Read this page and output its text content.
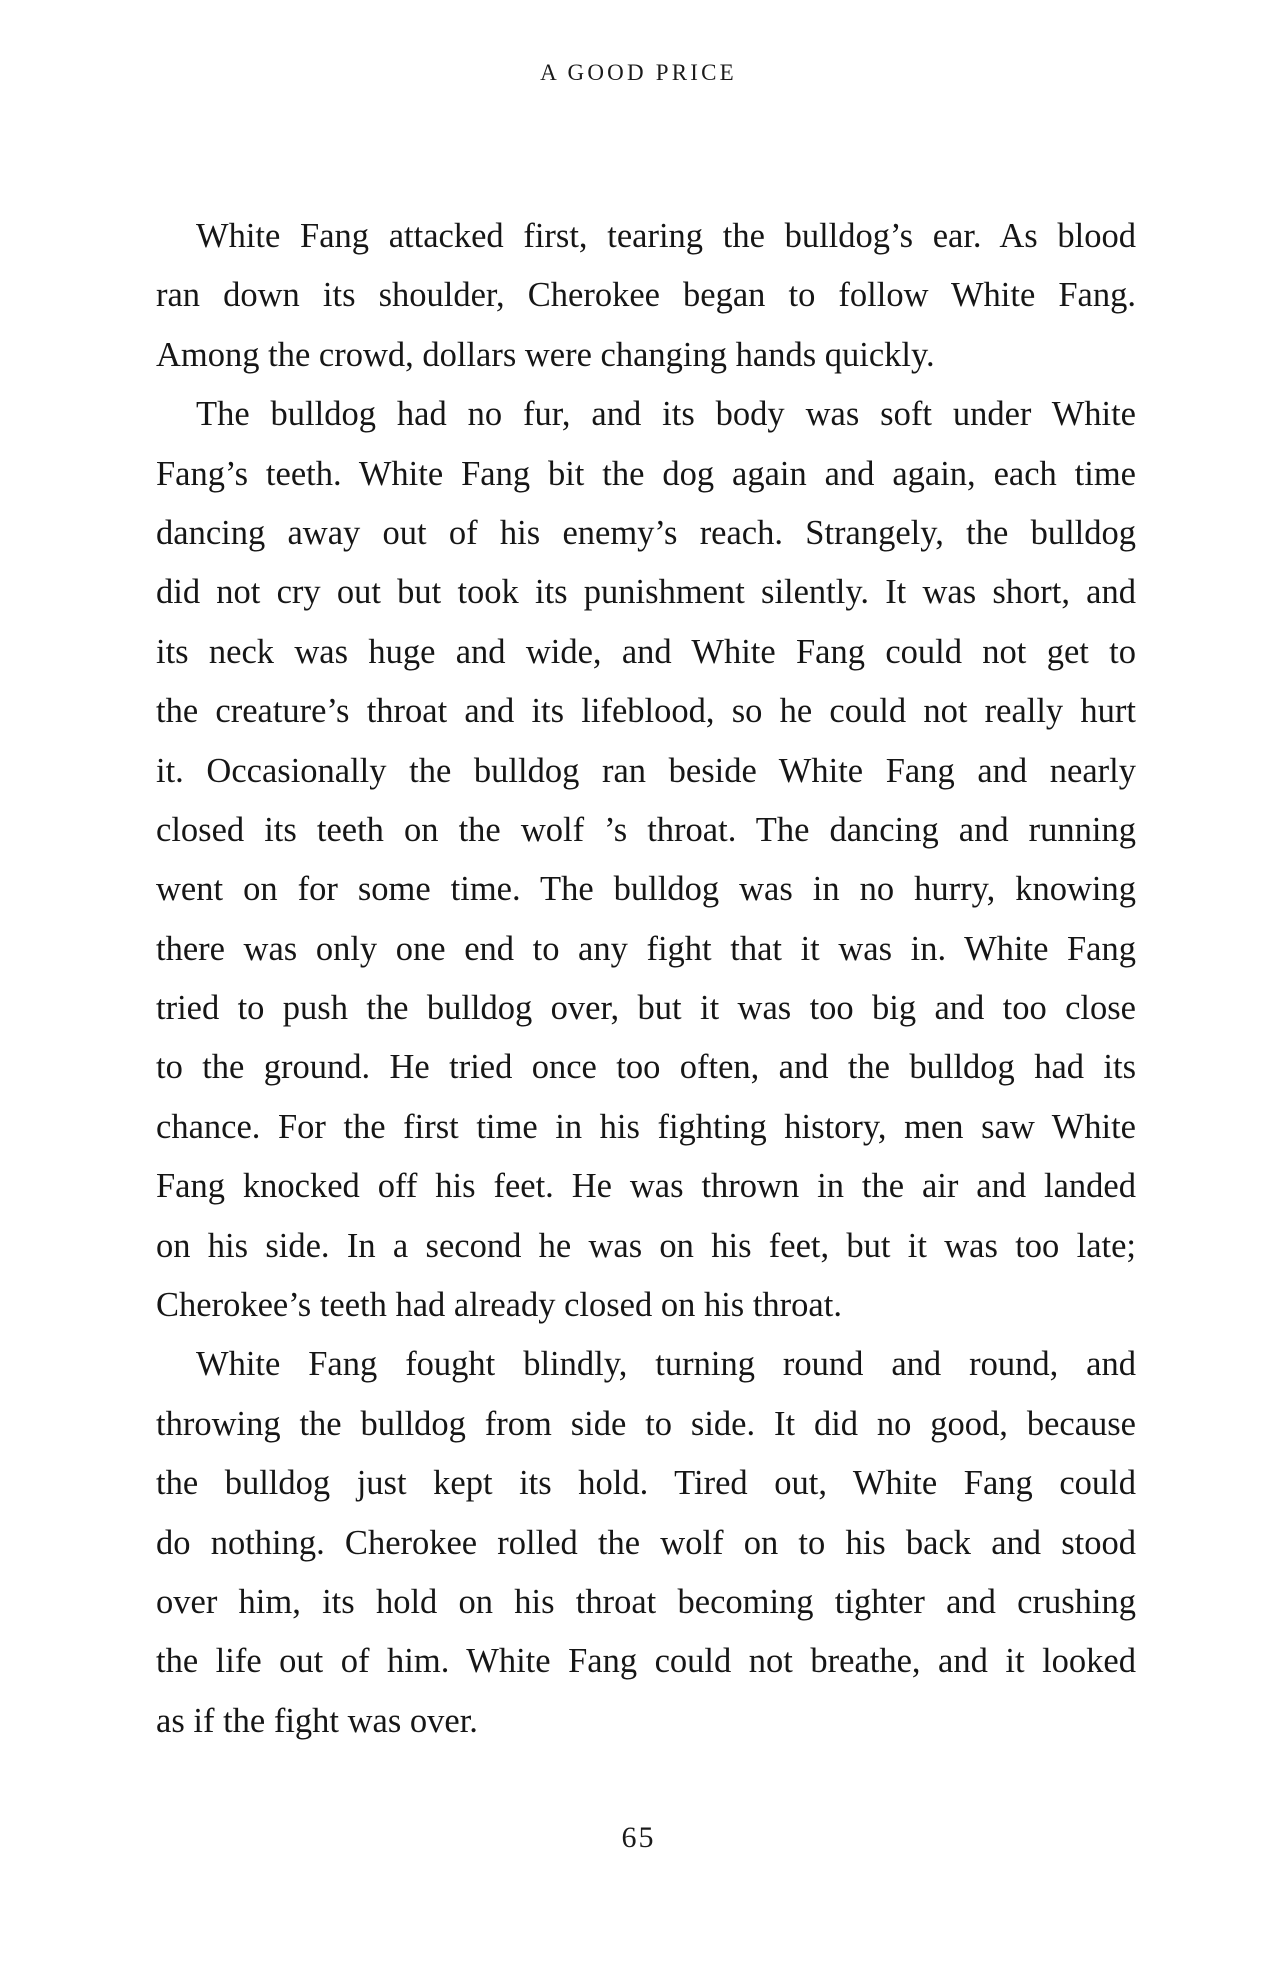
A GOOD PRICE

White Fang attacked first, tearing the bulldog’s ear. As blood
ran down its shoulder, Cherokee began to follow White Fang.
Among the crowd, dollars were changing hands quickly.

The bulldog had no fur, and its body was soft under White
Fang’s teeth. White Fang bit the dog again and again, each time
dancing away out of his enemy’s reach. Strangely, the bulldog
did not cry out but took its punishment silently. It was short, and
its neck was huge and wide, and White Fang could not get to
the creature’s throat and its lifeblood, so he could not really hurt
it. Occasionally the bulldog ran beside White Fang and nearly
closed its teeth on the wolf ’s throat. The dancing and running
went on for some time. The bulldog was in no hurry, knowing
there was only one end to any fight that it was in. White Fang
tried to push the bulldog over, but it was too big and too close
to the ground. He tried once too often, and the bulldog had its
chance. For the first time in his fighting history, men saw White
Fang knocked off his feet. He was thrown in the air and landed
on his side. In a second he was on his feet, but it was too late;
Cherokee’s teeth had already closed on his throat.

White Fang fought blindly, turning round and round, and
throwing the bulldog from side to side. It did no good, because
the bulldog just kept its hold. Tired out, White Fang could
do nothing. Cherokee rolled the wolf on to his back and stood
over him, its hold on his throat becoming tighter and crushing
the life out of him. White Fang could not breathe, and it looked
as if the fight was over.

65
